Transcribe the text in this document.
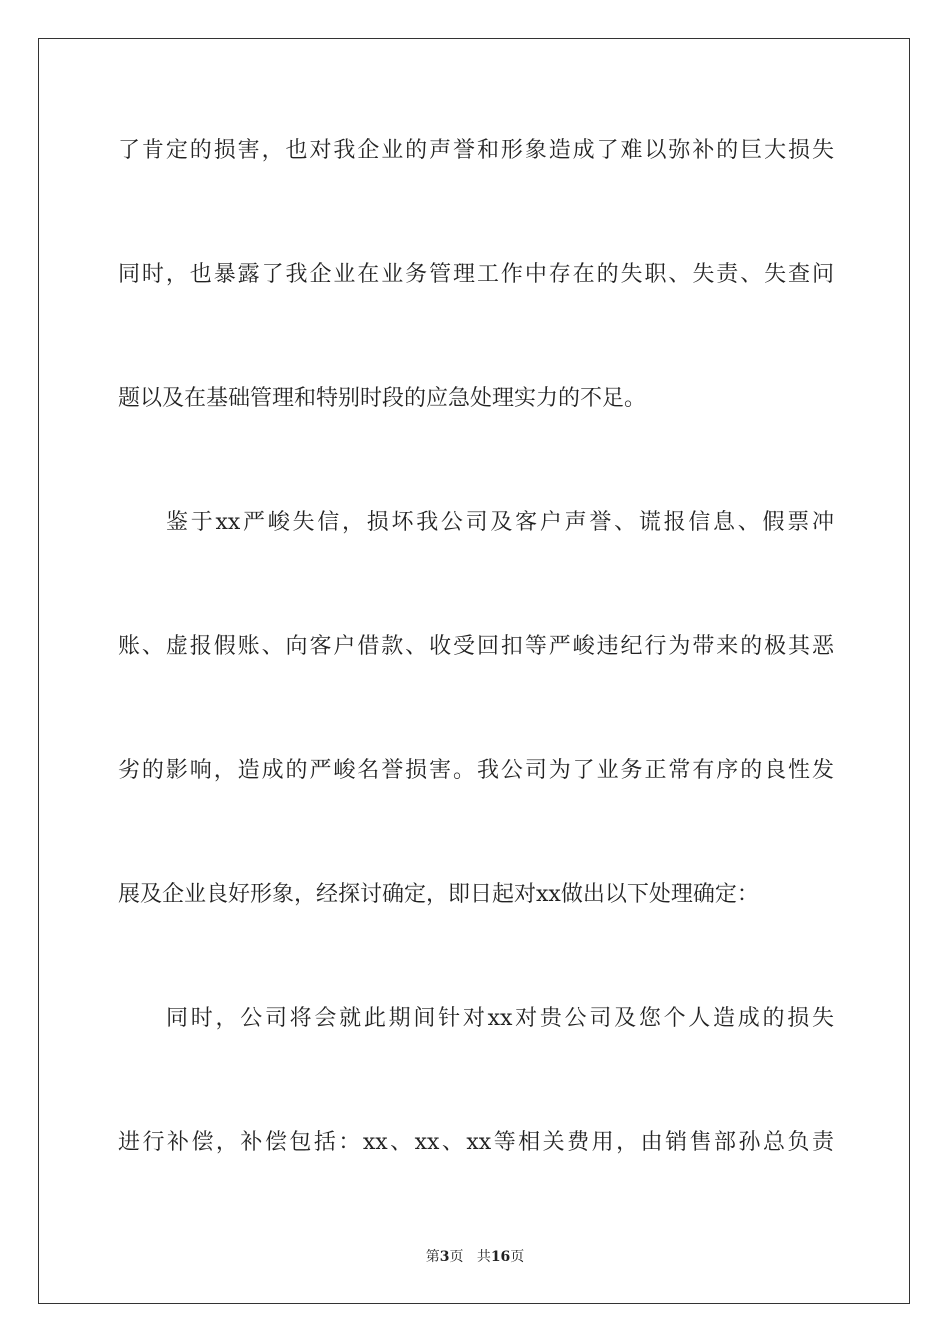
了肯定的损害，也对我企业的声誉和形象造成了难以弥补的巨大损失

同时，也暴露了我企业在业务管理工作中存在的失职、失责、失查问

题以及在基础管理和特别时段的应急处理实力的不足。

鉴于xx严峻失信，损坏我公司及客户声誉、谎报信息、假票冲

账、虚报假账、向客户借款、收受回扣等严峻违纪行为带来的极其恶

劣的影响，造成的严峻名誉损害。我公司为了业务正常有序的良性发

展及企业良好形象，经探讨确定，即日起对xx做出以下处理确定：

同时，公司将会就此期间针对xx对贵公司及您个人造成的损失

进行补偿，补偿包括：xx、xx、xx等相关费用，由销售部孙总负责

第3页 共16页
